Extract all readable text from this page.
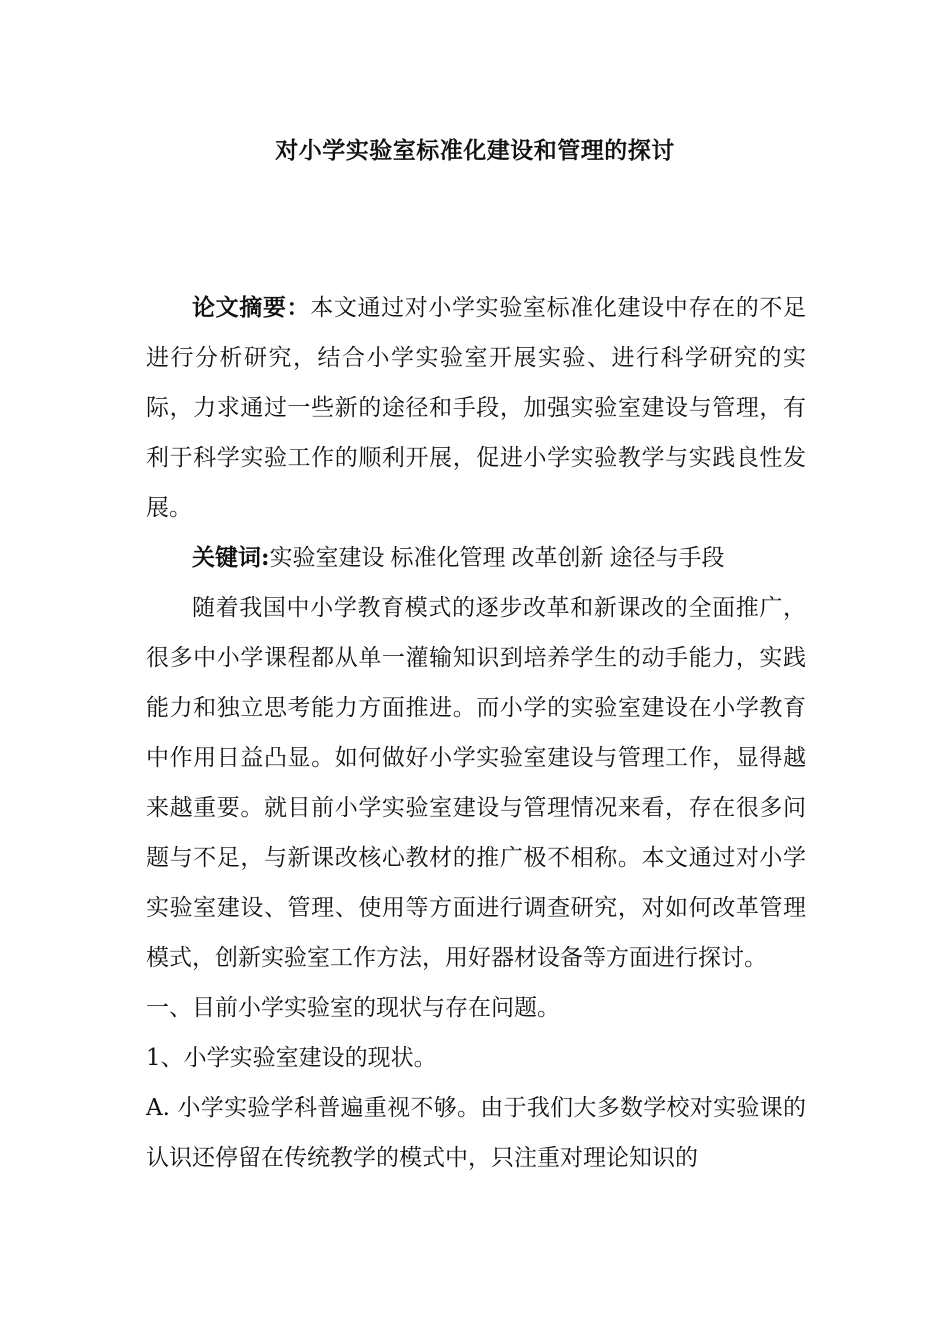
对小学实验室标准化建设和管理的探讨

论文摘要：本文通过对小学实验室标准化建设中存在的不足进行分析研究，结合小学实验室开展实验、进行科学研究的实际，力求通过一些新的途径和手段，加强实验室建设与管理，有利于科学实验工作的顺利开展，促进小学实验教学与实践良性发展。

关键词:实验室建设 标准化管理 改革创新 途径与手段

随着我国中小学教育模式的逐步改革和新课改的全面推广，很多中小学课程都从单一灌输知识到培养学生的动手能力，实践能力和独立思考能力方面推进。而小学的实验室建设在小学教育中作用日益凸显。如何做好小学实验室建设与管理工作，显得越来越重要。就目前小学实验室建设与管理情况来看，存在很多问题与不足，与新课改核心教材的推广极不相称。本文通过对小学实验室建设、管理、使用等方面进行调查研究，对如何改革管理模式，创新实验室工作方法，用好器材设备等方面进行探讨。

一、目前小学实验室的现状与存在问题。

1、小学实验室建设的现状。

A. 小学实验学科普遍重视不够。由于我们大多数学校对实验课的认识还停留在传统教学的模式中，只注重对理论知识的
